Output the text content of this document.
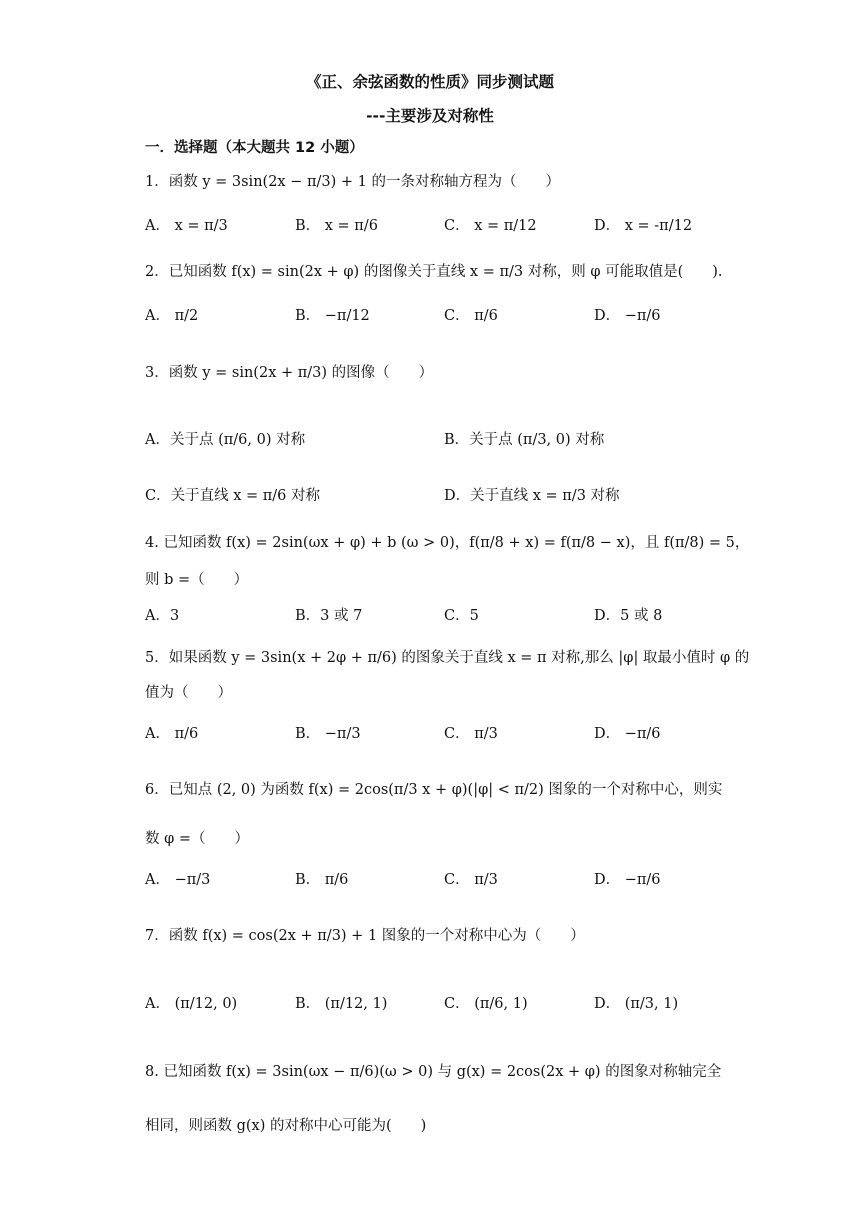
《正、余弦函数的性质》同步测试题
---主要涉及对称性
一．选择题（本大题共 12 小题）
1．函数 y = 3sin(2x − π/3) + 1 的一条对称轴方程为（　　）
A． x = π/3	B． x = π/6	C． x = π/12	D． x = -π/12
2．已知函数 f(x) = sin(2x + φ) 的图像关于直线 x = π/3 对称，则 φ 可能取值是(　　).
A． π/2	B． −π/12	C． π/6	D． −π/6
3．函数 y = sin(2x + π/3) 的图像（　　）
A．关于点 (π/6, 0) 对称	B．关于点 (π/3, 0) 对称
C．关于直线 x = π/6 对称	D．关于直线 x = π/3 对称
4. 已知函数 f(x) = 2sin(ωx + φ) + b (ω > 0)，f(π/8 + x) = f(π/8 − x)，且 f(π/8) = 5，
则 b =（　　）
A．3	B．3 或 7	C．5	D．5 或 8
5．如果函数 y = 3sin(x + 2φ + π/6) 的图象关于直线 x = π 对称,那么 |φ| 取最小值时 φ 的
值为（　　）
A． π/6	B． −π/3	C． π/3	D． −π/6
6．已知点 (2, 0) 为函数 f(x) = 2cos(π/3 x + φ)(|φ| < π/2) 图象的一个对称中心，则实
数 φ =（　　）
A． −π/3	B． π/6	C． π/3	D． −π/6
7．函数 f(x) = cos(2x + π/3) + 1 图象的一个对称中心为（　　）
A． (π/12, 0)	B． (π/12, 1)	C． (π/6, 1)	D． (π/3, 1)
8. 已知函数 f(x) = 3sin(ωx − π/6)(ω > 0) 与 g(x) = 2cos(2x + φ) 的图象对称轴完全
相同，则函数 g(x) 的对称中心可能为(　　)
